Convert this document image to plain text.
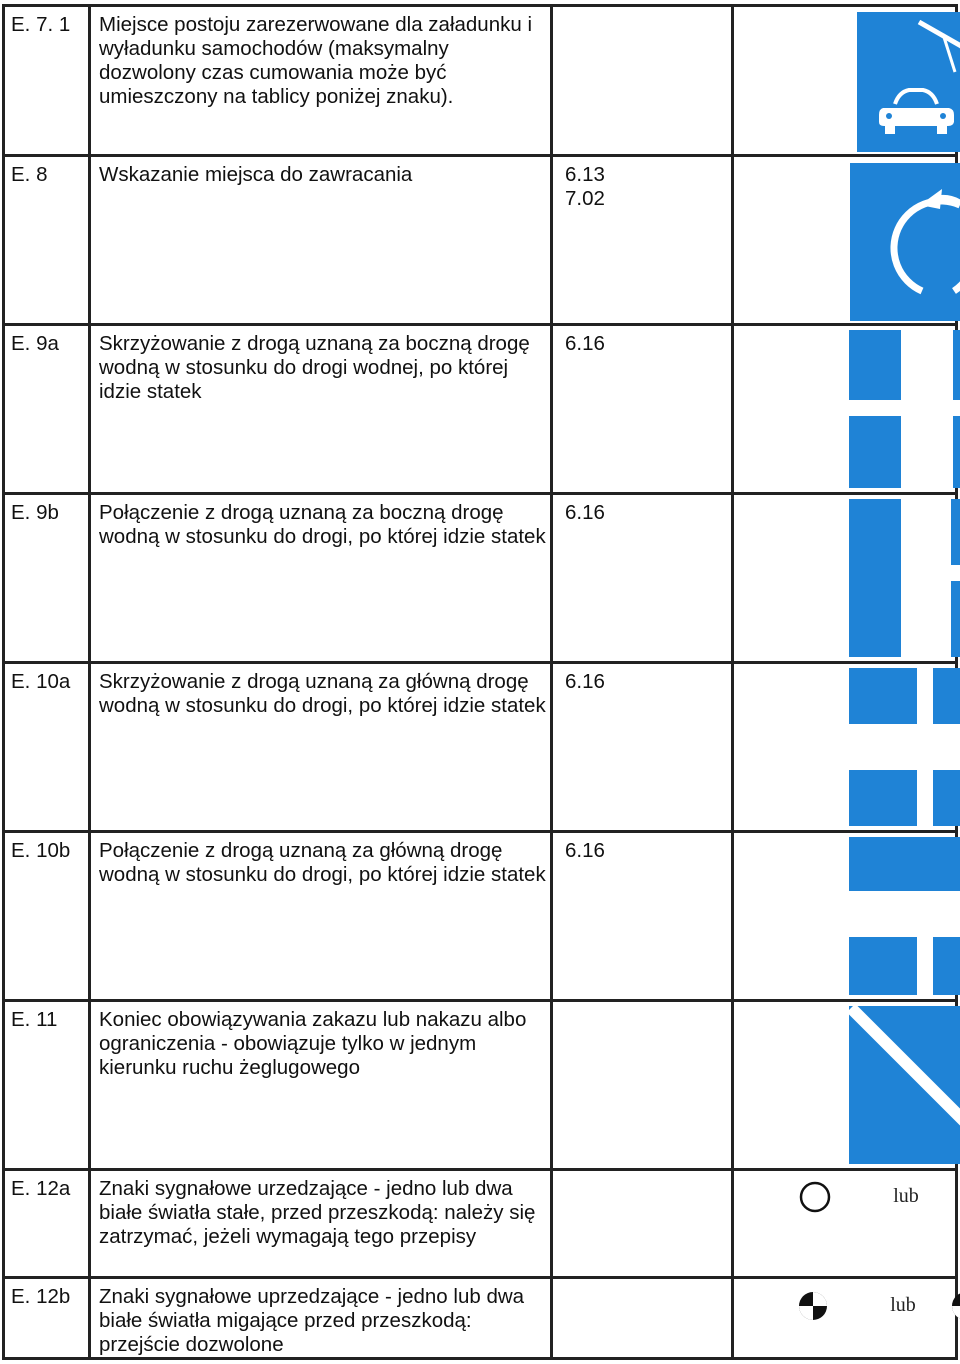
E. 7. 1	Miejsce postoju zarezerwowane dla załadunku i wyładunku samochodów (maksymalny dozwolony czas cumowania może być umieszczony na tablicy poniżej znaku).	

E. 8	Wskazanie miejsca do zawracania	6.13
7.02

E. 9a	Skrzyżowanie z drogą uznaną za boczną drogę wodną w stosunku do drogi wodnej, po której idzie statek	6.16

E. 9b	Połączenie z drogą uznaną za boczną drogę wodną w stosunku do drogi, po której idzie statek	6.16

E. 10a	Skrzyżowanie z drogą uznaną za główną drogę wodną w stosunku do drogi, po której idzie statek	6.16

E. 10b	Połączenie z drogą uznaną za główną drogę wodną w stosunku do drogi, po której idzie statek	6.16

E. 11	Koniec obowiązywania zakazu lub nakazu albo ograniczenia - obowiązuje tylko w jednym kierunku ruchu żeglugowego	

E. 12a	Znaki sygnałowe urzedzające - jedno lub dwa białe światła stałe, przed przeszkodą: należy się zatrzymać, jeżeli wymagają tego przepisy		lub

E. 12b	Znaki sygnałowe uprzedzające - jedno lub dwa białe światła migające przed przeszkodą: przejście dozwolone		lub
